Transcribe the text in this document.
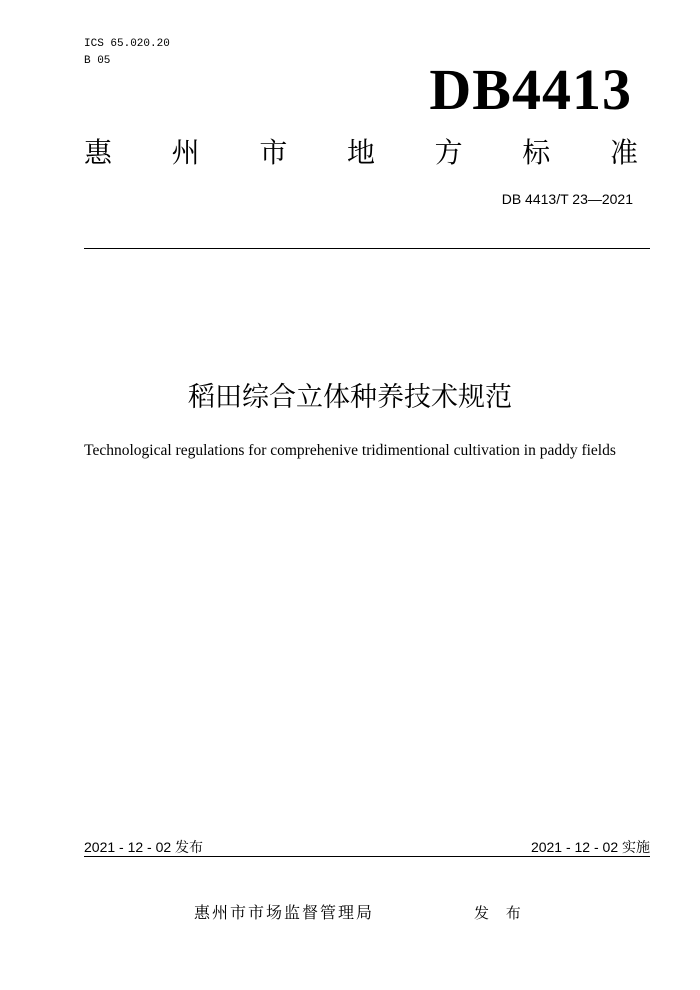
ICS 65.020.20
B 05	DB4413
惠 州 市 地 方 标 准
DB 4413/T 23—2021
稻田综合立体种养技术规范
Technological regulations for comprehenive tridimentional cultivation in paddy fields
2021 - 12 - 02 发布	2021 - 12 - 02 实施
惠州市市场监督管理局	发 布
